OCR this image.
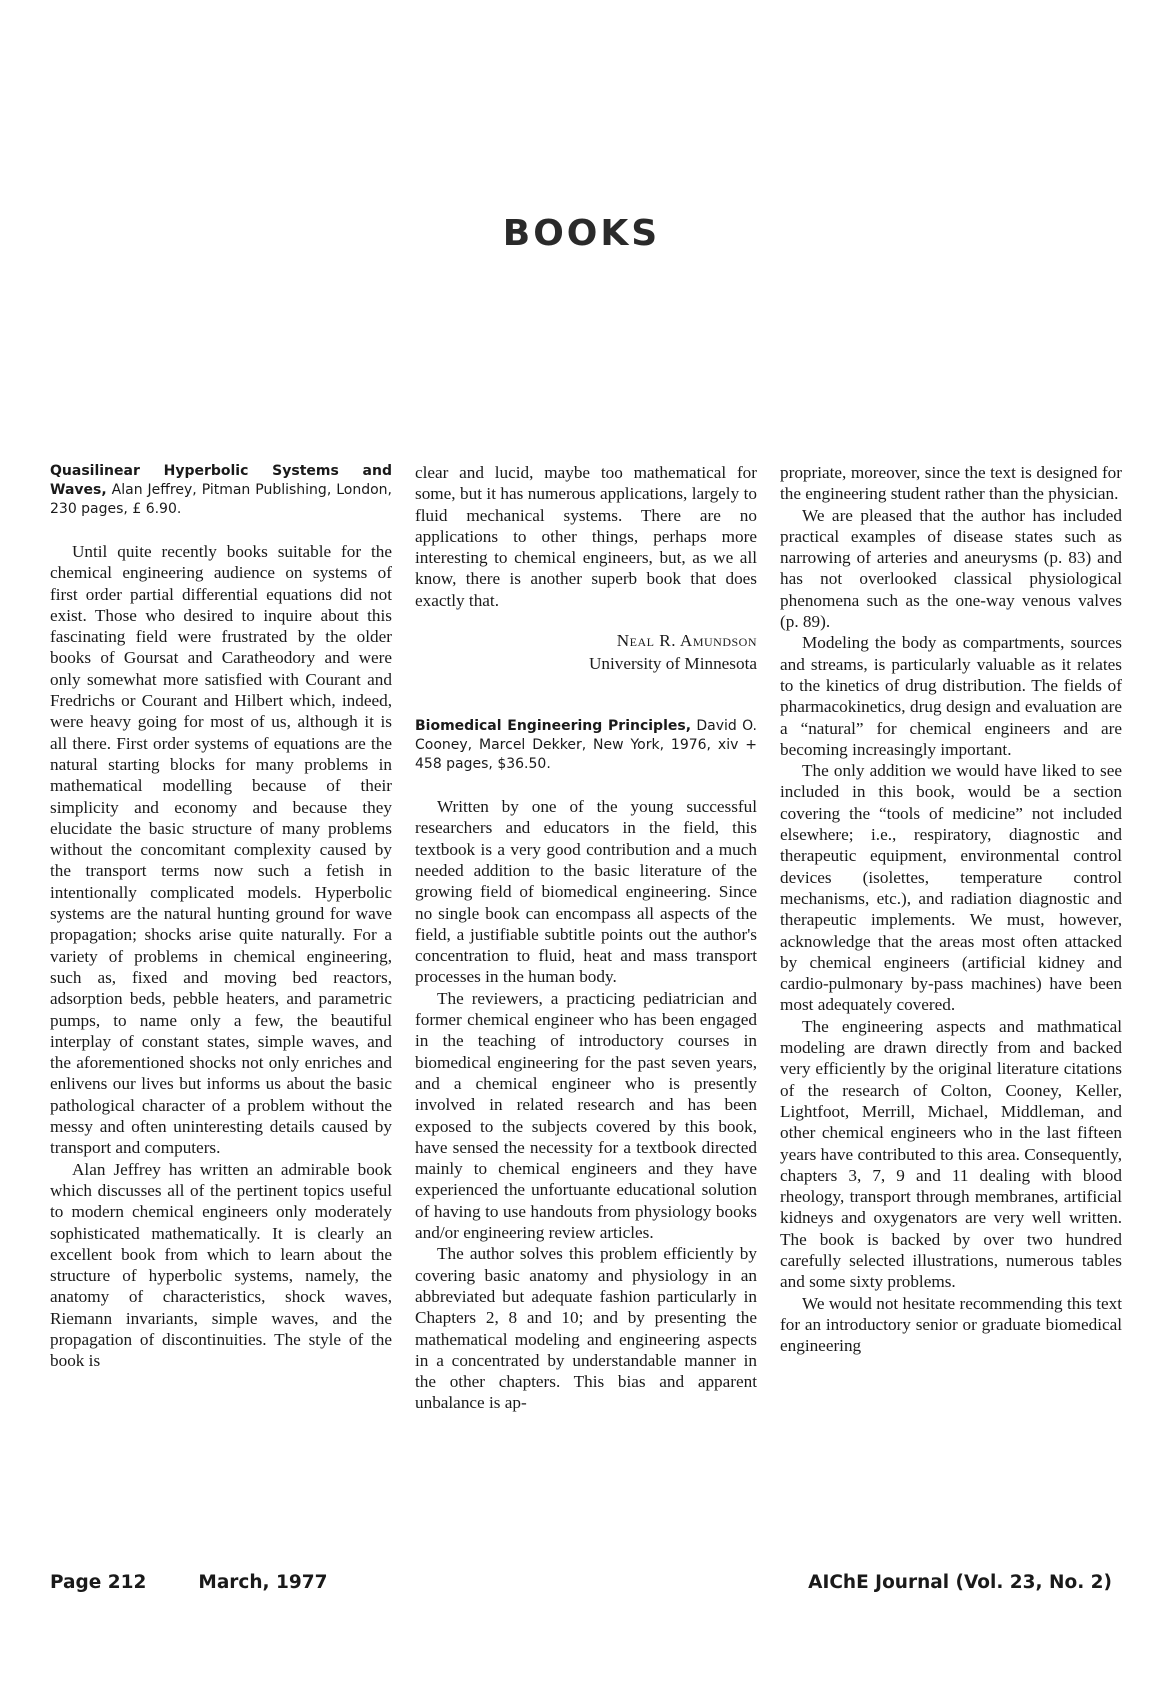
BOOKS
Quasilinear Hyperbolic Systems and Waves, Alan Jeffrey, Pitman Publishing, London, 230 pages, £ 6.90.

Until quite recently books suitable for the chemical engineering audience on systems of first order partial differential equations did not exist. Those who desired to inquire about this fascinating field were frustrated by the older books of Goursat and Caratheodory and were only somewhat more satisfied with Courant and Fredrichs or Courant and Hilbert which, indeed, were heavy going for most of us, although it is all there. First order systems of equations are the natural starting blocks for many problems in mathematical modelling because of their simplicity and economy and because they elucidate the basic structure of many problems without the concomitant complexity caused by the transport terms now such a fetish in intentionally complicated models. Hyperbolic systems are the natural hunting ground for wave propagation; shocks arise quite naturally. For a variety of problems in chemical engineering, such as, fixed and moving bed reactors, adsorption beds, pebble heaters, and parametric pumps, to name only a few, the beautiful interplay of constant states, simple waves, and the aforementioned shocks not only enriches and enlivens our lives but informs us about the basic pathological character of a problem without the messy and often uninteresting details caused by transport and computers.

Alan Jeffrey has written an admirable book which discusses all of the pertinent topics useful to modern chemical engineers only moderately sophisticated mathematically. It is clearly an excellent book from which to learn about the structure of hyperbolic systems, namely, the anatomy of characteristics, shock waves, Riemann invariants, simple waves, and the propagation of discontinuities. The style of the book is

clear and lucid, maybe too mathematical for some, but it has numerous applications, largely to fluid mechanical systems. There are no applications to other things, perhaps more interesting to chemical engineers, but, as we all know, there is another superb book that does exactly that.

Neal R. Amundson
University of Minnesota
Biomedical Engineering Principles, David O. Cooney, Marcel Dekker, New York, 1976, xiv + 458 pages, $36.50.

Written by one of the young successful researchers and educators in the field, this textbook is a very good contribution and a much needed addition to the basic literature of the growing field of biomedical engineering. Since no single book can encompass all aspects of the field, a justifiable subtitle points out the author's concentration to fluid, heat and mass transport processes in the human body.

The reviewers, a practicing pediatrician and former chemical engineer who has been engaged in the teaching of introductory courses in biomedical engineering for the past seven years, and a chemical engineer who is presently involved in related research and has been exposed to the subjects covered by this book, have sensed the necessity for a textbook directed mainly to chemical engineers and they have experienced the unfortuante educational solution of having to use handouts from physiology books and/or engineering review articles.

The author solves this problem efficiently by covering basic anatomy and physiology in an abbreviated but adequate fashion particularly in Chapters 2, 8 and 10; and by presenting the mathematical modeling and engineering aspects in a concentrated by understandable manner in the other chapters. This bias and apparent unbalance is ap-

propriate, moreover, since the text is designed for the engineering student rather than the physician.

We are pleased that the author has included practical examples of disease states such as narrowing of arteries and aneurysms (p. 83) and has not overlooked classical physiological phenomena such as the one-way venous valves (p. 89).

Modeling the body as compartments, sources and streams, is particularly valuable as it relates to the kinetics of drug distribution. The fields of pharmacokinetics, drug design and evaluation are a “natural” for chemical engineers and are becoming increasingly important.

The only addition we would have liked to see included in this book, would be a section covering the “tools of medicine” not included elsewhere; i.e., respiratory, diagnostic and therapeutic equipment, environmental control devices (isolettes, temperature control mechanisms, etc.), and radiation diagnostic and therapeutic implements. We must, however, acknowledge that the areas most often attacked by chemical engineers (artificial kidney and cardio-pulmonary by-pass machines) have been most adequately covered.

The engineering aspects and mathmatical modeling are drawn directly from and backed very efficiently by the original literature citations of the research of Colton, Cooney, Keller, Lightfoot, Merrill, Michael, Middleman, and other chemical engineers who in the last fifteen years have contributed to this area. Consequently, chapters 3, 7, 9 and 11 dealing with blood rheology, transport through membranes, artificial kidneys and oxygenators are very well written. The book is backed by over two hundred carefully selected illustrations, numerous tables and some sixty problems.

We would not hesitate recommending this text for an introductory senior or graduate biomedical engineering

Page 212	March, 1977	AIChE Journal (Vol. 23, No. 2)
